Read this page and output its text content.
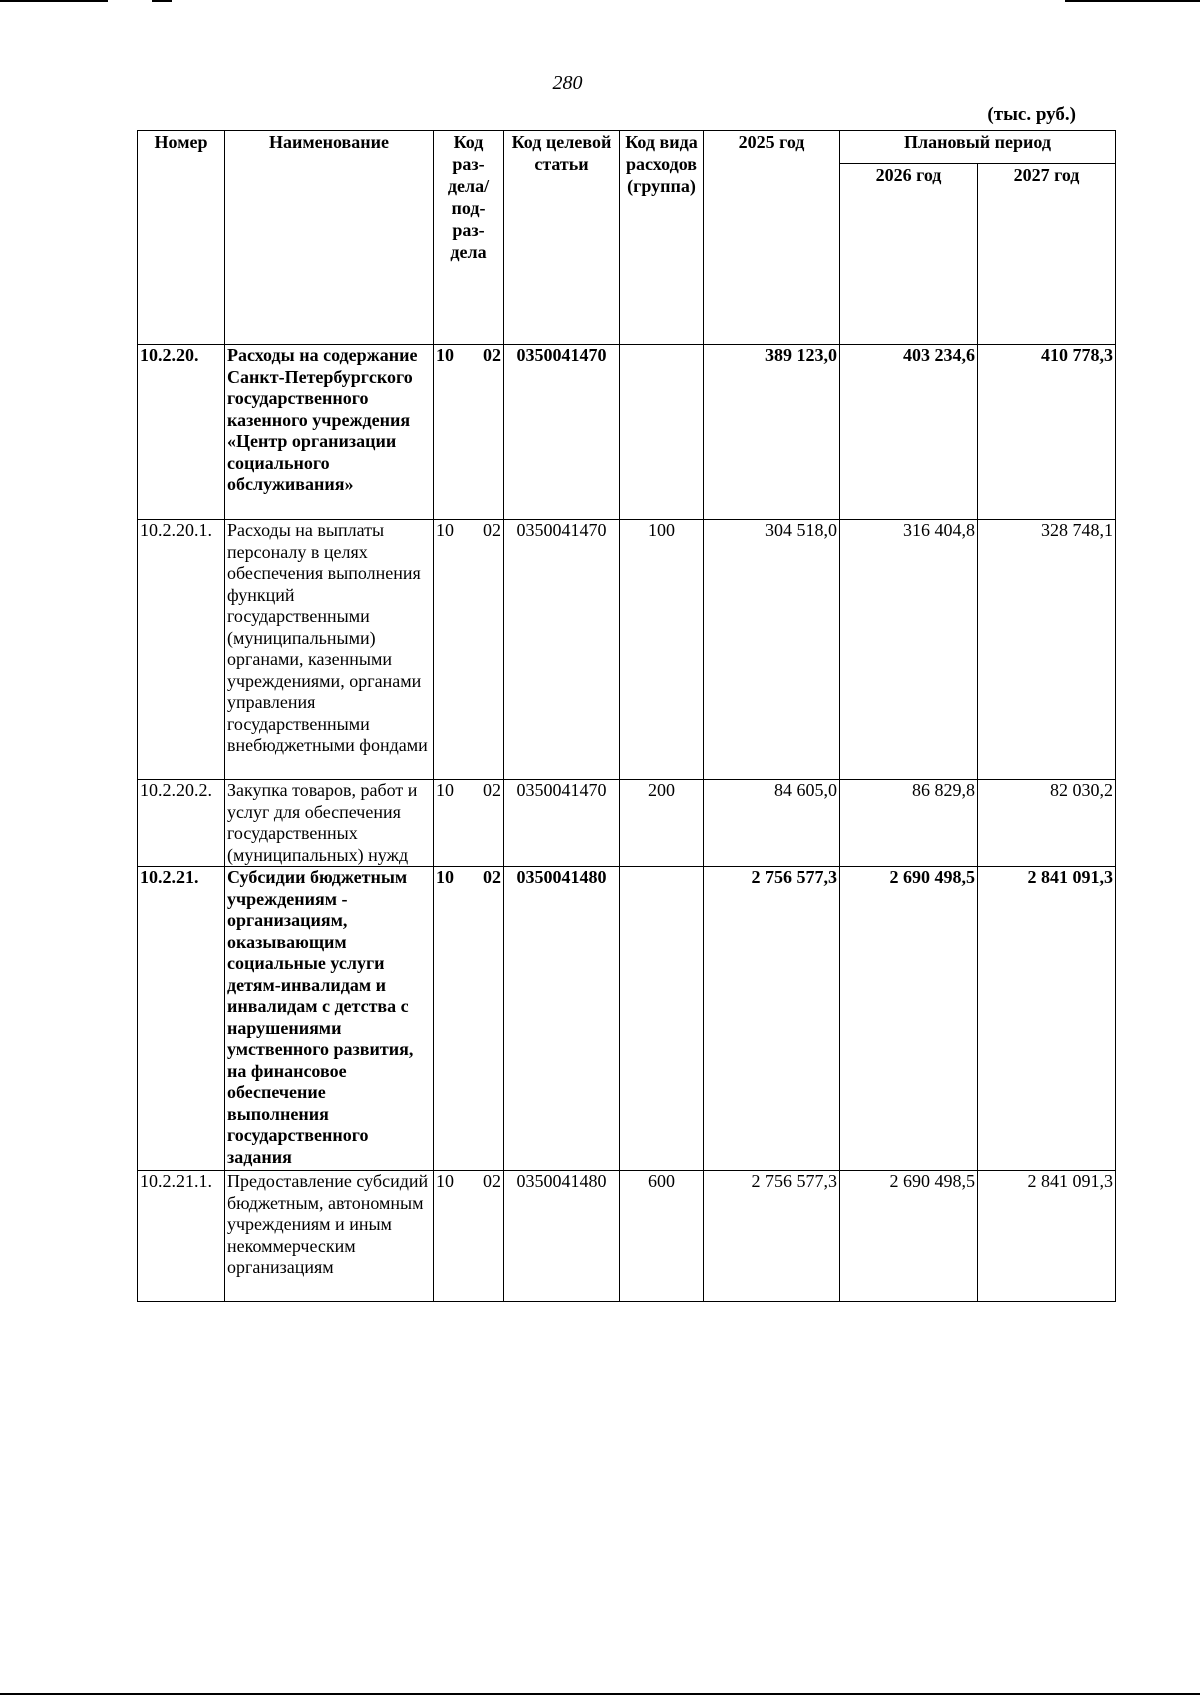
280
(тыс. руб.)
Номер	Наименование	Код раз- дела/ под- раз- дела	Код целевой статьи	Код вида расходов (группа)	2025 год	Плановый период	
						2026 год	2027 год
10.2.20.	Расходы на содержание Санкт-Петербургского государственного казенного учреждения «Центр организации социального обслуживания»	10 02	0350041470		389 123,0	403 234,6	410 778,3
10.2.20.1.	Расходы на выплаты персоналу в целях обеспечения выполнения функций государственными (муниципальными) органами, казенными учреждениями, органами управления государственными внебюджетными фондами	10 02	0350041470	100	304 518,0	316 404,8	328 748,1
10.2.20.2.	Закупка товаров, работ и услуг для обеспечения государственных (муниципальных) нужд	10 02	0350041470	200	84 605,0	86 829,8	82 030,2
10.2.21.	Субсидии бюджетным учреждениям - организациям, оказывающим социальные услуги детям-инвалидам и инвалидам с детства с нарушениями умственного развития, на финансовое обеспечение выполнения государственного задания	10 02	0350041480		2 756 577,3	2 690 498,5	2 841 091,3
10.2.21.1.	Предоставление субсидий бюджетным, автономным учреждениям и иным некоммерческим организациям	10 02	0350041480	600	2 756 577,3	2 690 498,5	2 841 091,3
